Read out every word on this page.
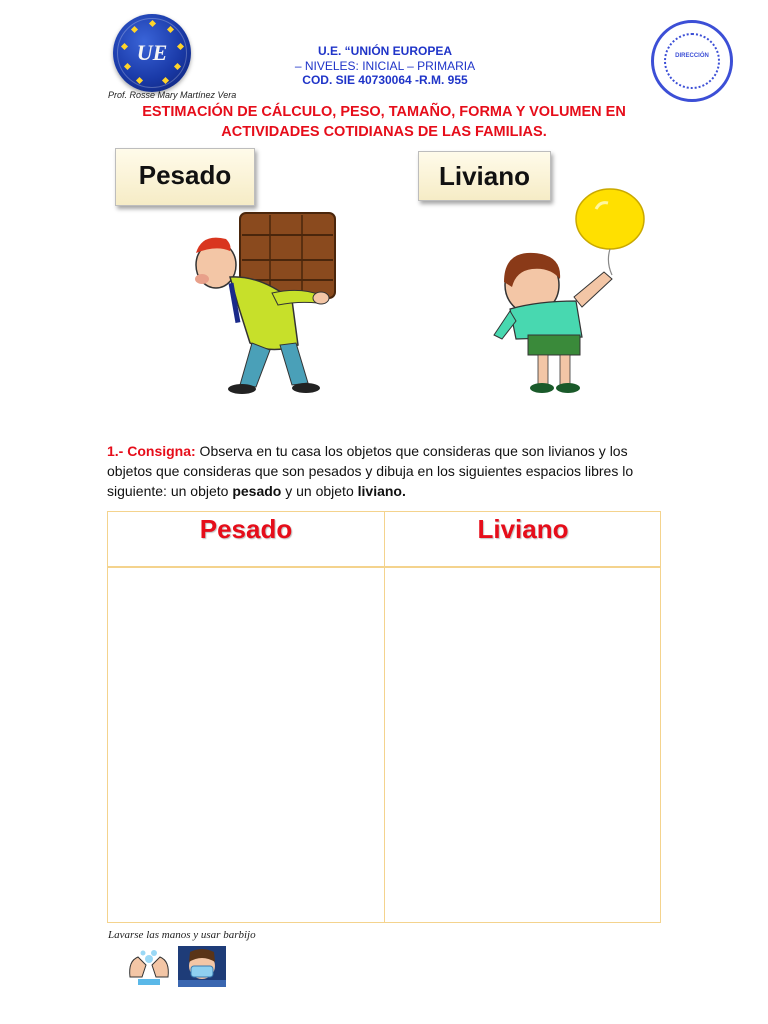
UE	U.E. “UNIÓN EUROPEA
– NIVELES: INICIAL – PRIMARIA
COD. SIE 40730064 -R.M. 955
Prof. Rosse Mary Martínez Vera
DIRECCIÓN
ESTIMACIÓN DE CÁLCULO, PESO, TAMAÑO, FORMA Y VOLUMEN EN
ACTIVIDADES COTIDIANAS DE LAS FAMILIAS.
Pesado	Liviano
1.- Consigna: Observa en tu casa los objetos que consideras que son livianos y los objetos que consideras que son pesados y dibuja en los siguientes espacios libres lo siguiente: un objeto pesado y un objeto liviano.
Pesado	Liviano
Lavarse las manos y usar barbijo
